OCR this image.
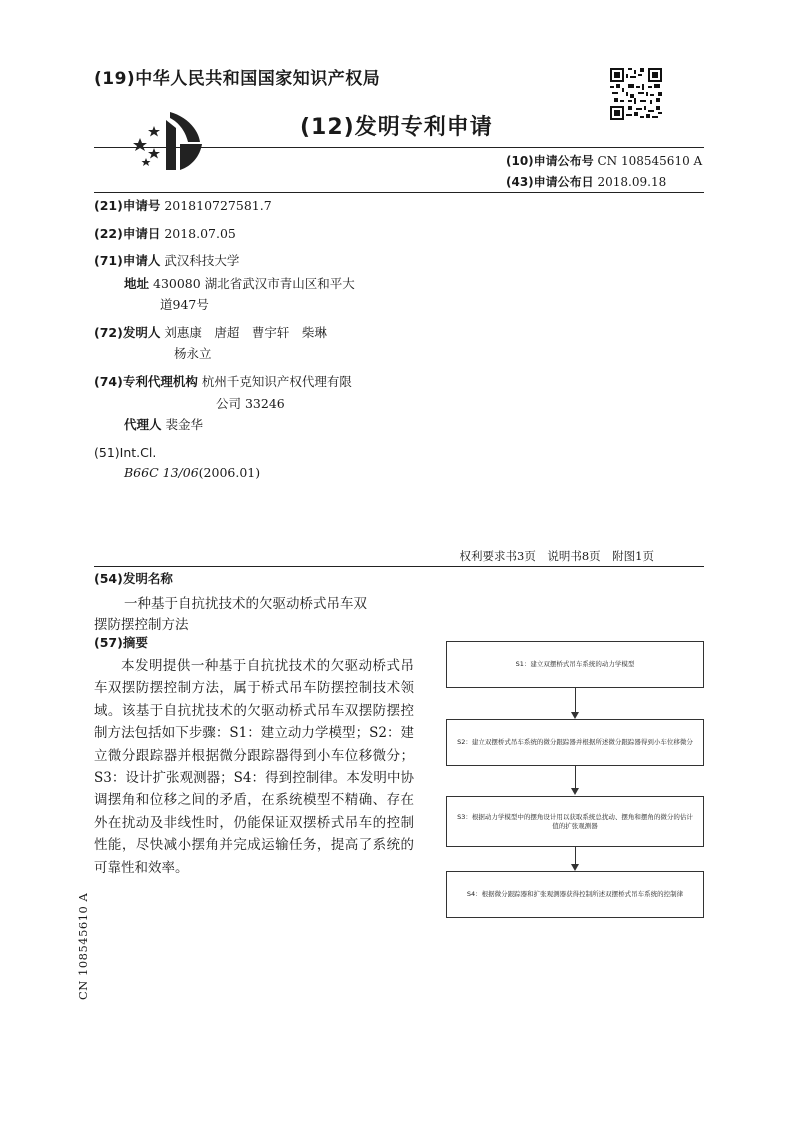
(19)中华人民共和国国家知识产权局
(12)发明专利申请
(10)申请公布号 CN 108545610 A
(43)申请公布日 2018.09.18
(21)申请号 201810727581.7
(22)申请日 2018.07.05
(71)申请人 武汉科技大学
地址 430080 湖北省武汉市青山区和平大
道947号
(72)发明人 刘惠康　唐超　曹宇轩　柴琳
杨永立
(74)专利代理机构 杭州千克知识产权代理有限
公司 33246
代理人 裴金华
(51)Int.Cl.
B66C 13/06(2006.01)
权利要求书3页　说明书8页　附图1页
(54)发明名称
一种基于自抗扰技术的欠驱动桥式吊车双
摆防摆控制方法
(57)摘要
本发明提供一种基于自抗扰技术的欠驱动桥式吊车双摆防摆控制方法，属于桥式吊车防摆控制技术领域。该基于自抗扰技术的欠驱动桥式吊车双摆防摆控制方法包括如下步骤：S1：建立动力学模型；S2：建立微分跟踪器并根据微分跟踪器得到小车位移微分；S3：设计扩张观测器；S4：得到控制律。本发明中协调摆角和位移之间的矛盾，在系统模型不精确、存在外在扰动及非线性时，仍能保证双摆桥式吊车的控制性能，尽快减小摆角并完成运输任务，提高了系统的可靠性和效率。
S1：建立双摆桥式吊车系统的动力学模型
S2：建立双摆桥式吊车系统的微分跟踪器并根据所述微分跟踪器得到小车位移微分
S3：根据动力学模型中的摆角设计用以获取系统总扰动、摆角和摆角的微分的估计值的扩张观测器
S4：根据微分跟踪器和扩张观测器获得控制所述双摆桥式吊车系统的控制律
CN 108545610 A
